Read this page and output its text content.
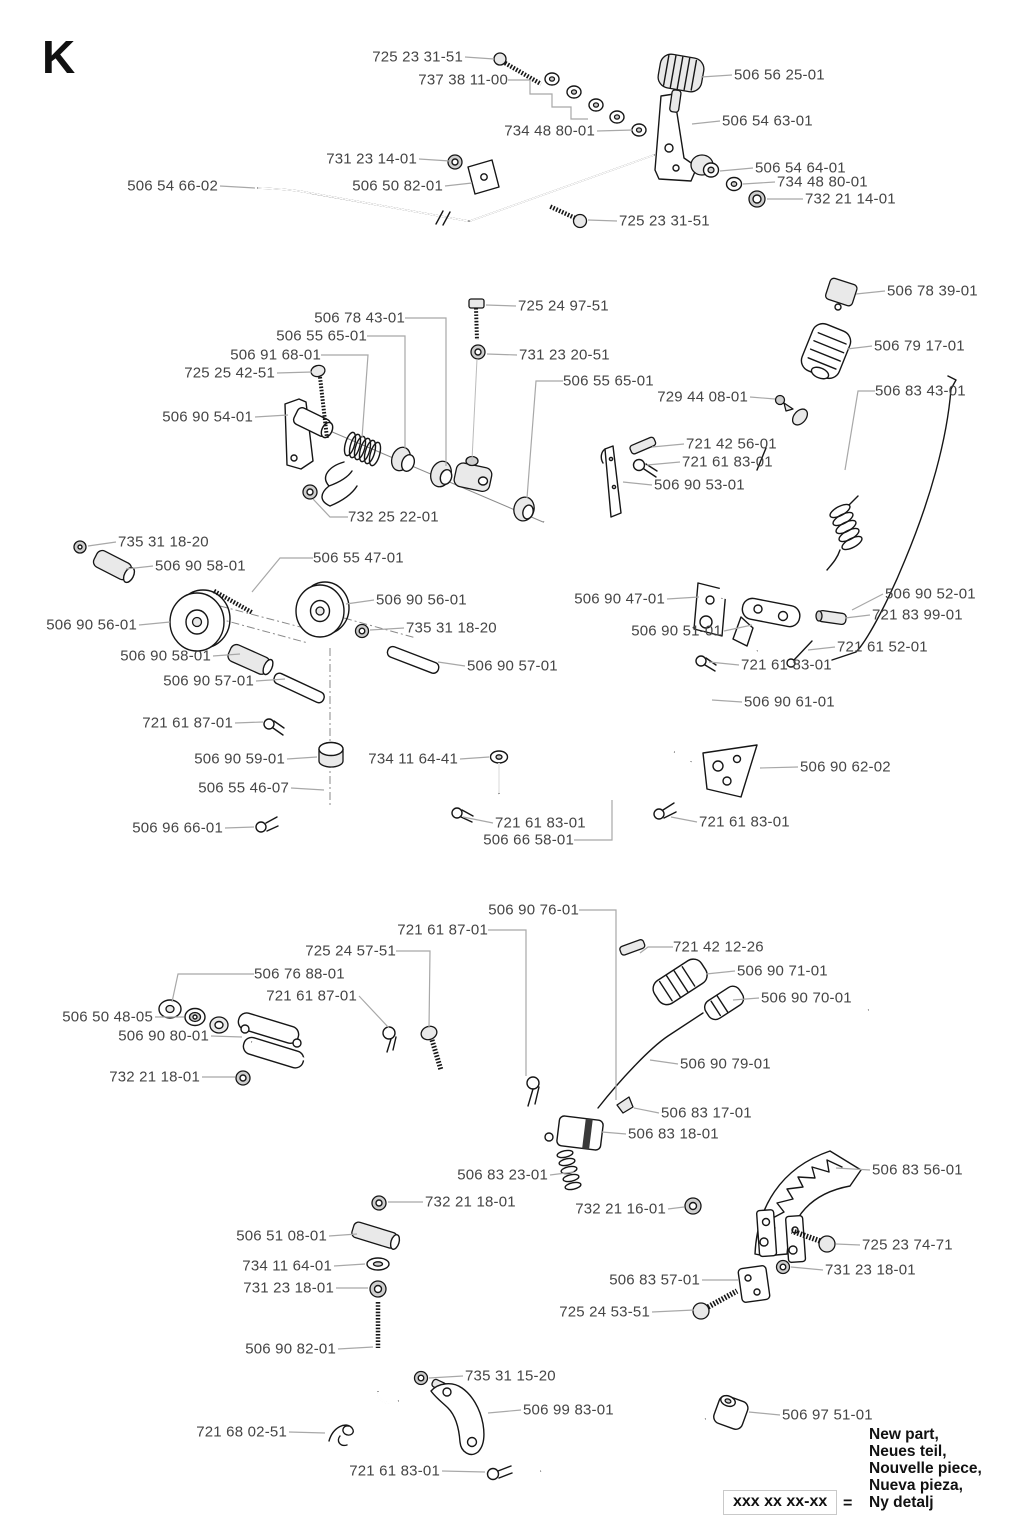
K
xxx xx xx-xx =
New part,
Neues teil,
Nouvelle piece,
Nueva pieza,
Ny detalj
725 23 31-51
737 38 11-00
734 48 80-01
506 56 25-01
506 54 63-01
731 23 14-01
506 54 66-02	506 50 82-01
506 54 64-01
734 48 80-01
732 21 14-01
725 23 31-51
506 78 43-01
506 55 65-01
506 91 68-01
725 25 42-51
506 90 54-01
732 25 22-01
725 24 97-51
731 23 20-51
506 55 65-01
729 44 08-01
506 78 39-01
506 79 17-01
506 83 43-01
721 42 56-01
721 61 83-01
506 90 53-01
506 90 47-01
506 90 51-01
506 90 52-01
721 83 99-01
721 61 52-01
721 61 83-01
506 90 61-01
506 90 62-02
735 31 18-20
506 90 58-01	506 55 47-01
506 90 56-01
506 90 56-01
735 31 18-20
506 90 58-01
506 90 57-01
506 90 57-01
721 61 87-01
506 90 59-01	734 11 64-41
506 55 46-07
506 96 66-01	721 61 83-01
506 66 58-01
721 61 83-01
506 90 76-01
721 61 87-01
725 24 57-51
506 76 88-01
721 61 87-01
506 50 48-05
506 90 80-01
732 21 18-01
721 42 12-26
506 90 71-01
506 90 70-01
506 90 79-01
506 83 17-01
506 83 18-01
506 83 23-01
732 21 18-01	732 21 16-01
506 83 56-01
725 23 74-71
731 23 18-01
506 83 57-01
725 24 53-51
506 51 08-01
734 11 64-01
731 23 18-01
506 90 82-01
735 31 15-20
506 99 83-01
721 68 02-51
721 61 83-01
506 97 51-01
